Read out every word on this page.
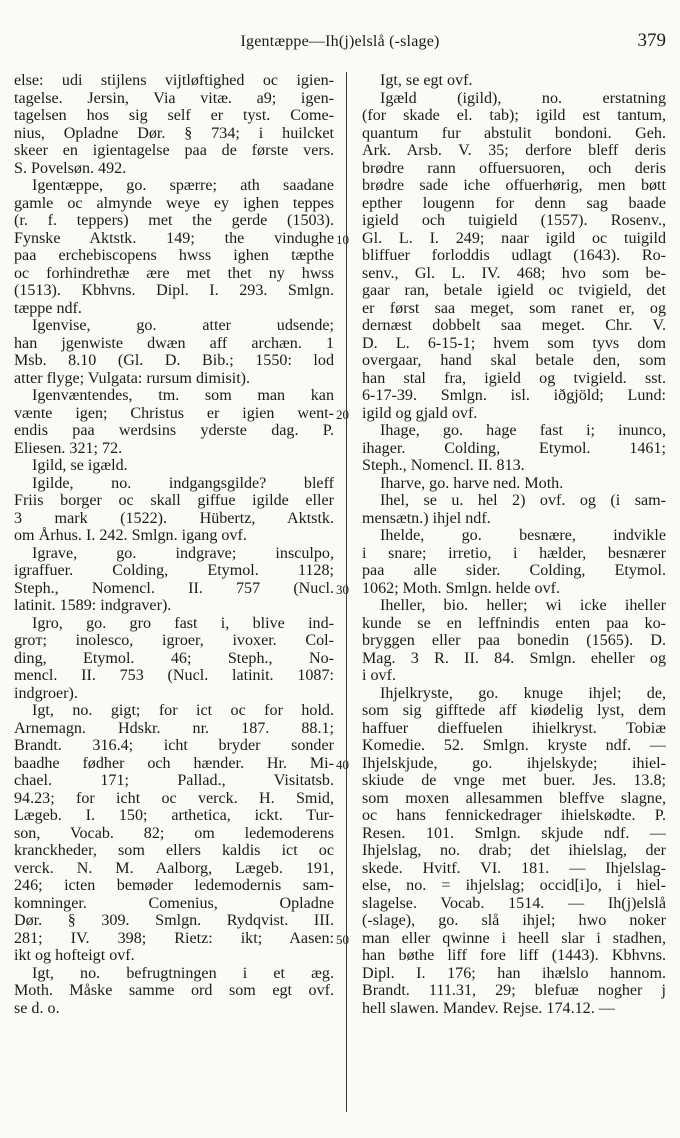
Igentæppe—Ih(j)elslå (-slage)	379
else: udi stijlens vijtløftighed oc igien-
tagelse. Jersin, Via vitæ. a9; igen-
tagelsen hos sig self er tyst. Come-
nius, Opladne Dør. § 734; i huilcket
skeer en igientagelse paa de første vers.
S. Povelsøn. 492.
Igentæppe, go. spærre; ath saadane
gamle oc almynde weye ey ighen teppes
(r. f. teppers) met the gerde (1503).
Fynske Aktstk. 149; the vindughe
paa erchebiscopens hwss ighen tæpthe
oc forhindrethæ ære met thet ny hwss
(1513). Kbhvns. Dipl. I. 293. Smlgn.
tæppe ndf.
Igenvise, go. atter udsende;
han jgenwiste dwæn aff archæn. 1
Msb. 8.10 (Gl. D. Bib.; 1550: lod
atter flyge; Vulgata: rursum dimisit).
Igenvæntendes, tm. som man kan
vænte igen; Christus er igien went-
endis paa werdsins yderste dag. P.
Eliesen. 321; 72.
Igild, se igæld.
Igilde, no. indgangsgilde? bleff
Friis borger oc skall giffue igilde eller
3 mark (1522). Hübertz, Aktstk.
om Århus. I. 242. Smlgn. igang ovf.
Igrave, go. indgrave; insculpo,
igraffuer. Colding, Etymol. 1128;
Steph., Nomencl. II. 757 (Nucl.
latinit. 1589: indgraver).
Igro, go. gro fast i, blive ind-
groт; inolesco, igroer, ivoxer. Col-
ding, Etymol. 46; Steph., No-
mencl. II. 753 (Nucl. latinit. 1087:
indgroer).
Igt, no. gigt; for ict oc for hold.
Arnemagn. Hdskr. nr. 187. 88.1;
Brandt. 316.4; icht bryder sonder
baadhe fødher och hænder. Hr. Mi-
chael. 171; Pallad., Visitatsb.
94.23; for icht oc verck. H. Smid,
Lægeb. I. 150; arthetica, ickt. Tur-
son, Vocab. 82; om ledemoderens
kranckheder, som ellers kaldis ict oc
verck. N. M. Aalborg, Lægeb. 191,
246; icten bemøder ledemodernis sam-
komninger. Comenius, Opladne
Dør. § 309. Smlgn. Rydqvist. III.
281; IV. 398; Rietz: ikt; Aasen:
ikt og hofteigt ovf.
Igt, no. befrugtningen i et æg.
Moth. Måske samme ord som egt ovf.
se d. o.
10
20
30
40
50
Igt, se egt ovf.
Igæld (igild), no. erstatning
(for skade el. tab); igild est tantum,
quantum fur abstulit bondoni. Geh.
Ark. Arsb. V. 35; derfore bleff deris
brødre rann offuersuoren, och deris
brødre sade iche offuerhørig, men bøtt
epther lougenn for denn sag baade
igield och tuigield (1557). Rosenv.,
Gl. L. I. 249; naar igild oc tuigild
bliffuer forloddis udlagt (1643). Ro-
senv., Gl. L. IV. 468; hvo som be-
gaar ran, betale igield oc tvigield, det
er først saa meget, som ranet er, og
dernæst dobbelt saa meget. Chr. V.
D. L. 6-15-1; hvem som tyvs dom
overgaar, hand skal betale den, som
han stal fra, igield og tvigield. sst.
6-17-39. Smlgn. isl. iðgjöld; Lund:
igild og gjald ovf.
Ihage, go. hage fast i; inunco,
ihager. Colding, Etymol. 1461;
Steph., Nomencl. II. 813.
Iharve, go. harve ned. Moth.
Ihel, se u. hel 2) ovf. og (i sam-
mensætn.) ihjel ndf.
Ihelde, go. besnære, indvikle
i snare; irretio, i hælder, besnærer
paa alle sider. Colding, Etymol.
1062; Moth. Smlgn. helde ovf.
Iheller, bio. heller; wi icke iheller
kunde se en leffnindis enten paa ko-
bryggen eller paa bonedin (1565). D.
Mag. 3 R. II. 84. Smlgn. eheller og
i ovf.
Ihjelkryste, go. knuge ihjel; de,
som sig gifftede aff kiødelig lyst, dem
haffuer dieffuelen ihielkryst. Tobiæ
Komedie. 52. Smlgn. kryste ndf. —
Ihjelskjude, go. ihjelskyde; ihiel-
skiude de vnge met buer. Jes. 13.8;
som moxen allesammen bleffve slagne,
oc hans fennickedrager ihielskødte. P.
Resen. 101. Smlgn. skjude ndf. —
Ihjelslag, no. drab; det ihielslag, der
skede. Hvitf. VI. 181. — Ihjelslag-
else, no. = ihjelslag; occid[i]o, i hiel-
slagelse. Vocab. 1514. — Ih(j)elslå
(-slage), go. slå ihjel; hwo noker
man eller qwinne i heell slar i stadhen,
han bøthe liff fore liff (1443). Kbhvns.
Dipl. I. 176; han ihælslo hannom.
Brandt. 111.31, 29; blefuæ nogher j
hell slawen. Mandev. Rejse. 174.12. —
